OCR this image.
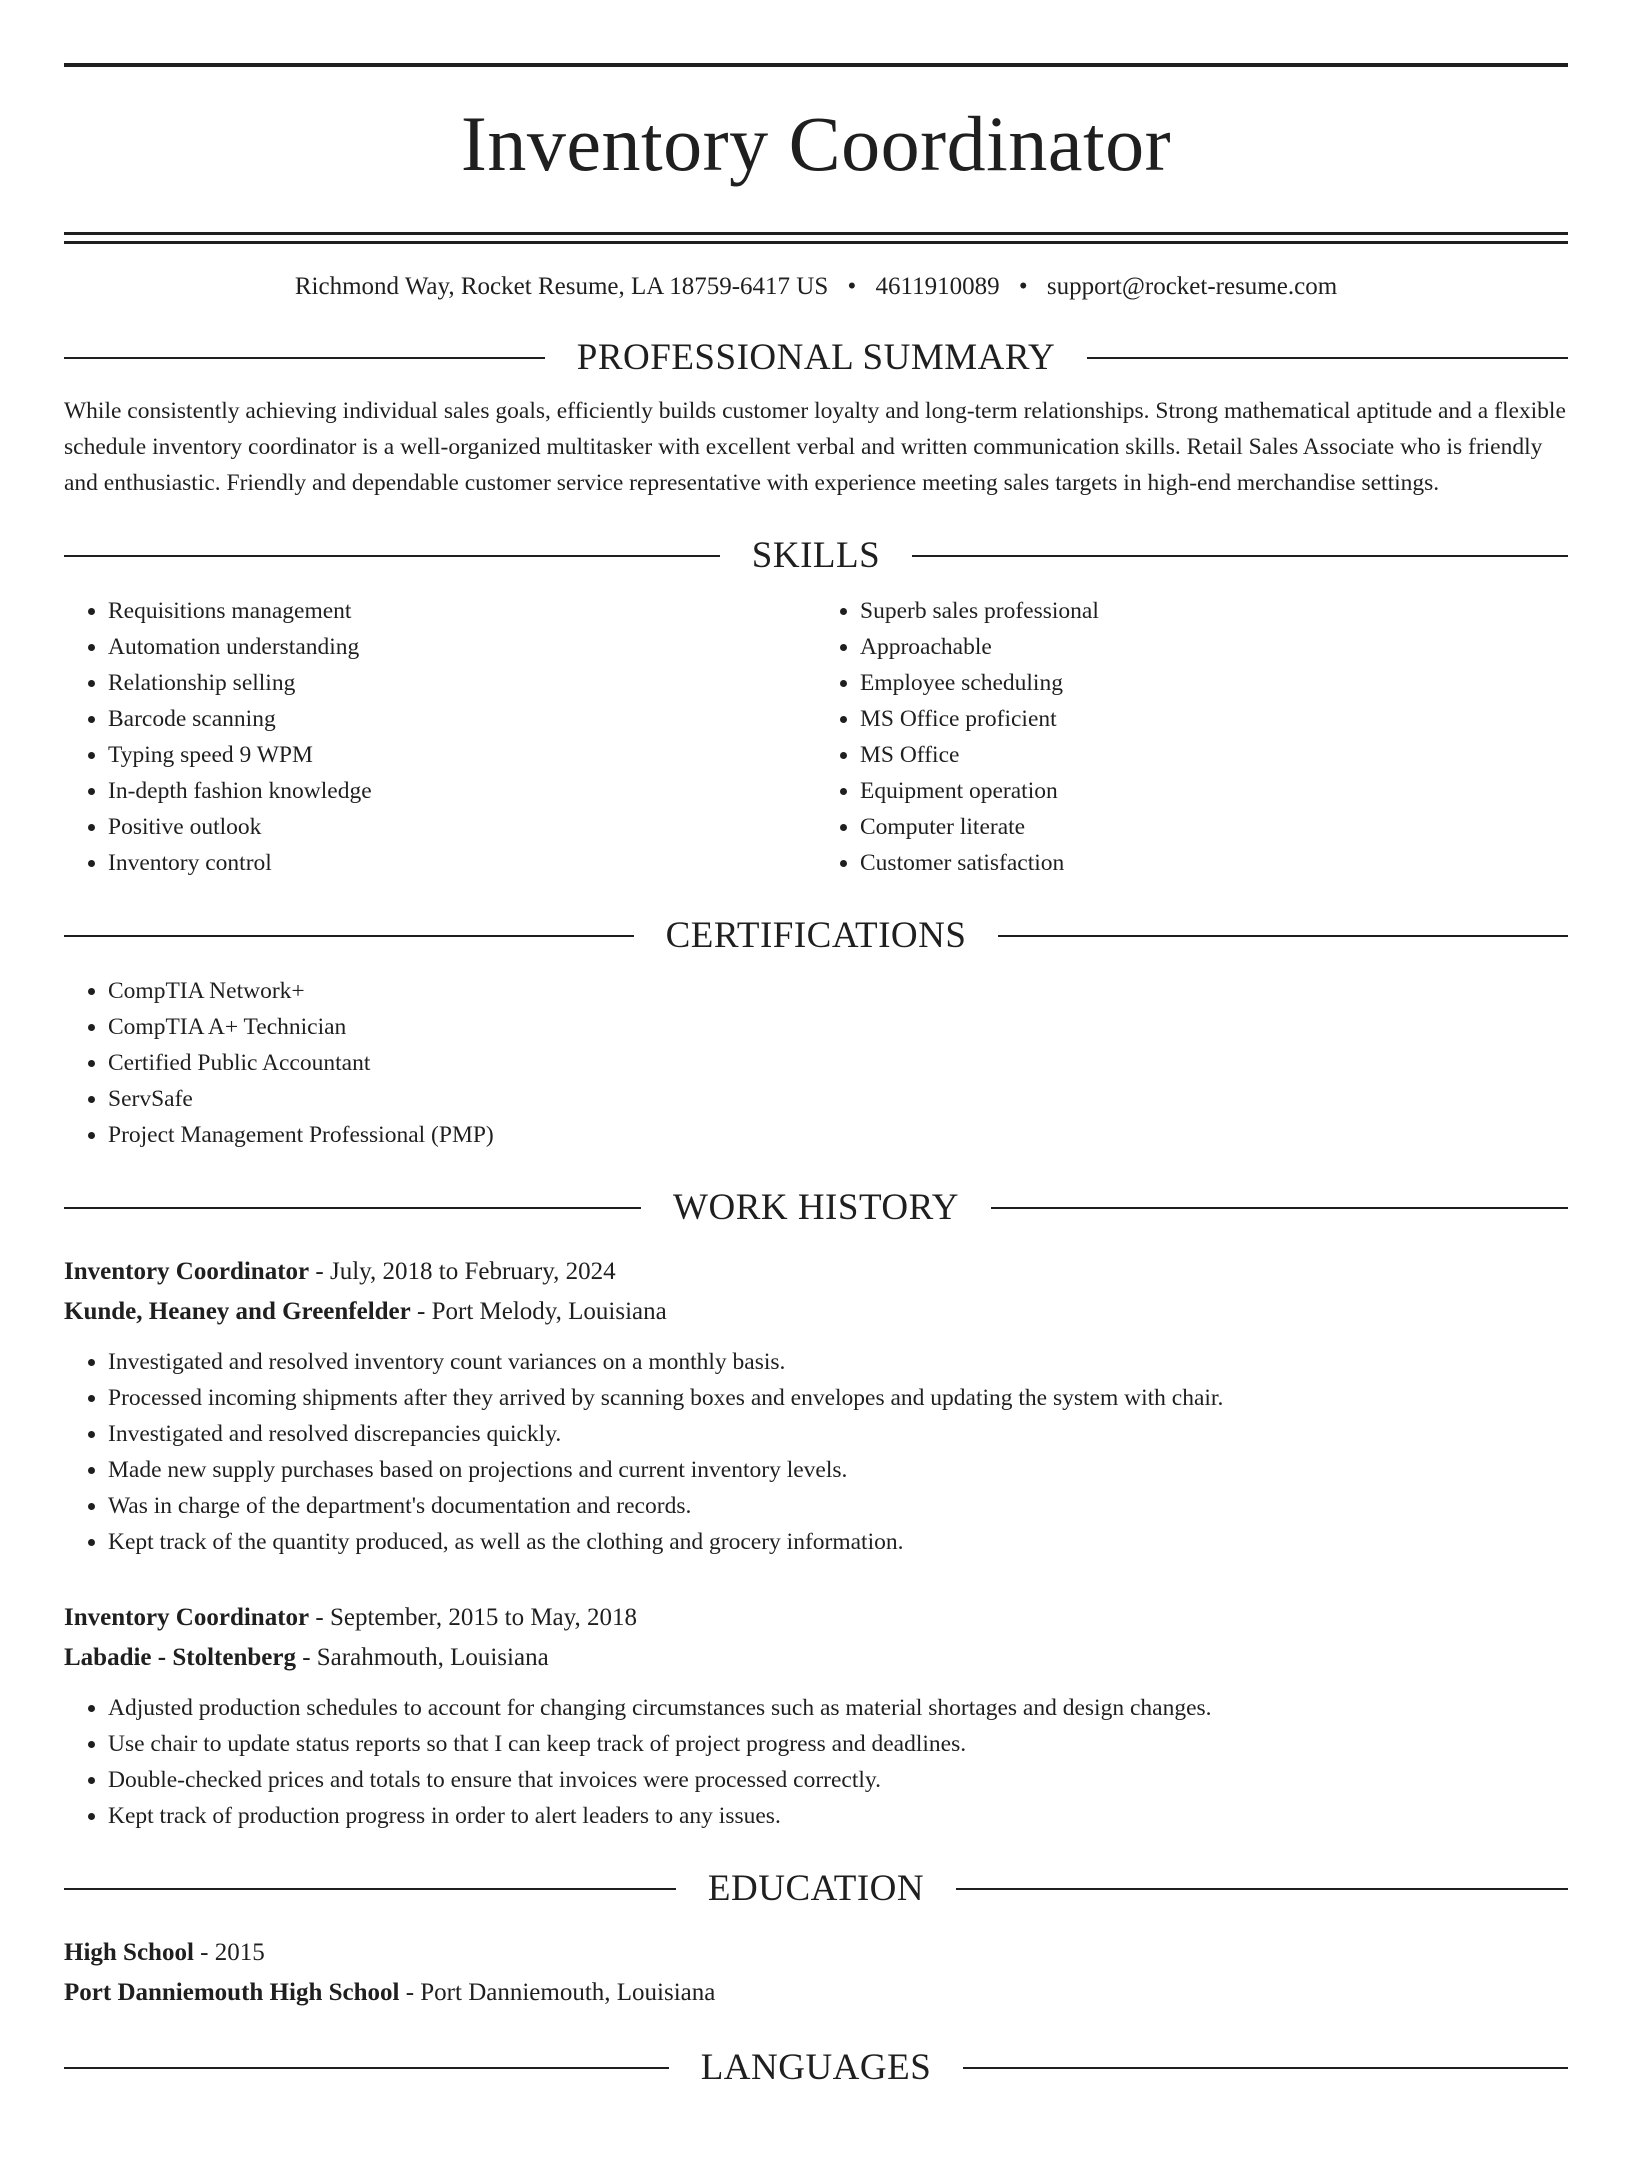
Inventory Coordinator
Richmond Way, Rocket Resume, LA 18759-6417 US • 4611910089 • support@rocket-resume.com
PROFESSIONAL SUMMARY

While consistently achieving individual sales goals, efficiently builds customer loyalty and long-term relationships. Strong mathematical aptitude and a flexible schedule inventory coordinator is a well-organized multitasker with excellent verbal and written communication skills. Retail Sales Associate who is friendly and enthusiastic. Friendly and dependable customer service representative with experience meeting sales targets in high-end merchandise settings.

SKILLS
• Requisitions management
• Automation understanding
• Relationship selling
• Barcode scanning
• Typing speed 9 WPM
• In-depth fashion knowledge
• Positive outlook
• Inventory control
• Superb sales professional
• Approachable
• Employee scheduling
• MS Office proficient
• MS Office
• Equipment operation
• Computer literate
• Customer satisfaction
CERTIFICATIONS
• CompTIA Network+
• CompTIA A+ Technician
• Certified Public Accountant
• ServSafe
• Project Management Professional (PMP)
WORK HISTORY
Inventory Coordinator - July, 2018 to February, 2024
Kunde, Heaney and Greenfelder - Port Melody, Louisiana
• Investigated and resolved inventory count variances on a monthly basis.
• Processed incoming shipments after they arrived by scanning boxes and envelopes and updating the system with chair.
• Investigated and resolved discrepancies quickly.
• Made new supply purchases based on projections and current inventory levels.
• Was in charge of the department's documentation and records.
• Kept track of the quantity produced, as well as the clothing and grocery information.
Inventory Coordinator - September, 2015 to May, 2018
Labadie - Stoltenberg - Sarahmouth, Louisiana
• Adjusted production schedules to account for changing circumstances such as material shortages and design changes.
• Use chair to update status reports so that I can keep track of project progress and deadlines.
• Double-checked prices and totals to ensure that invoices were processed correctly.
• Kept track of production progress in order to alert leaders to any issues.
EDUCATION
High School - 2015
Port Danniemouth High School - Port Danniemouth, Louisiana
LANGUAGES
